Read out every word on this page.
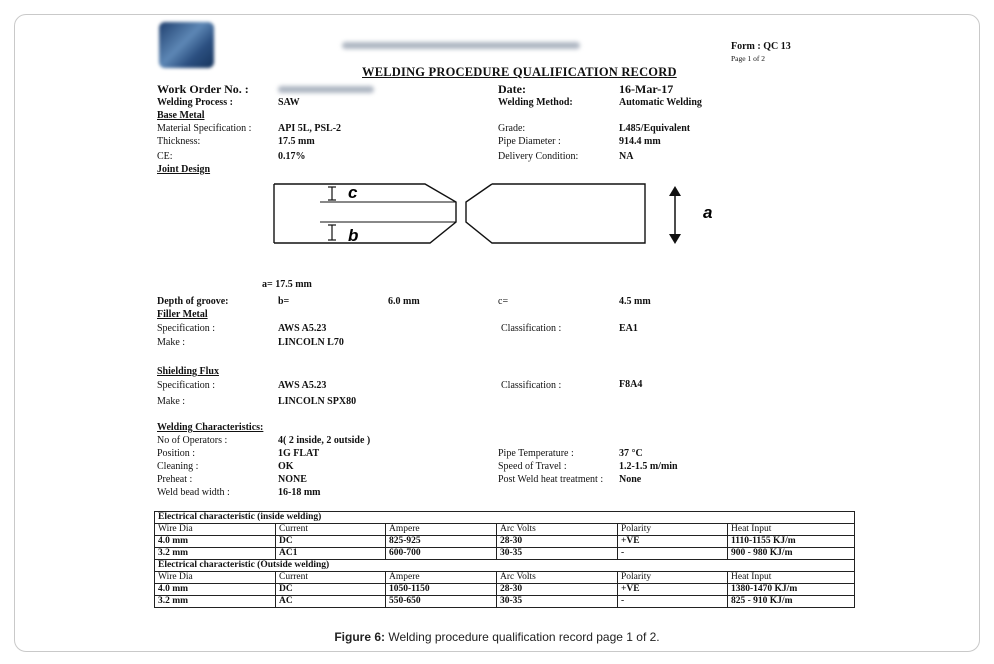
Form : QC 13
Page 1 of 2
WELDING PROCEDURE QUALIFICATION RECORD
Work Order No. :	Date:	16-Mar-17
Welding Process :	SAW	Welding Method:	Automatic Welding
Base Metal
Material Specification :	API 5L, PSL-2	Grade:	L485/Equivalent
Thickness:	17.5 mm	Pipe Diameter :	914.4 mm
CE:	0.17%	Delivery Condition:	NA
Joint Design
c
b
a
a= 17.5 mm
Depth of groove:	b=	6.0 mm	c=	4.5 mm
Filler Metal
Specification :	AWS A5.23	Classification :	EA1
Make :	LINCOLN L70
Shielding Flux
Specification :	AWS A5.23	Classification :	F8A4
Make :	LINCOLN SPX80
Welding Characteristics:
No of Operators :	4( 2 inside, 2 outside )
Position :	1G FLAT	Pipe Temperature :	37 °C
Cleaning :	OK	Speed of Travel :	1.2-1.5 m/min
Preheat :	NONE	Post Weld heat treatment : None
Weld bead width :	16-18 mm
Electrical characteristic (inside welding)					
Wire Dia	Current	Ampere	Arc Volts	Polarity	Heat Input
4.0 mm	DC	825-925	28-30	+VE	1110-1155 KJ/m
3.2 mm	AC1	600-700	30-35	-	900 - 980 KJ/m
Electrical characteristic (Outside welding)					
Wire Dia	Current	Ampere	Arc Volts	Polarity	Heat Input
4.0 mm	DC	1050-1150	28-30	+VE	1380-1470 KJ/m
3.2 mm	AC	550-650	30-35	-	825 - 910 KJ/m
Figure 6: Welding procedure qualification record page 1 of 2.
